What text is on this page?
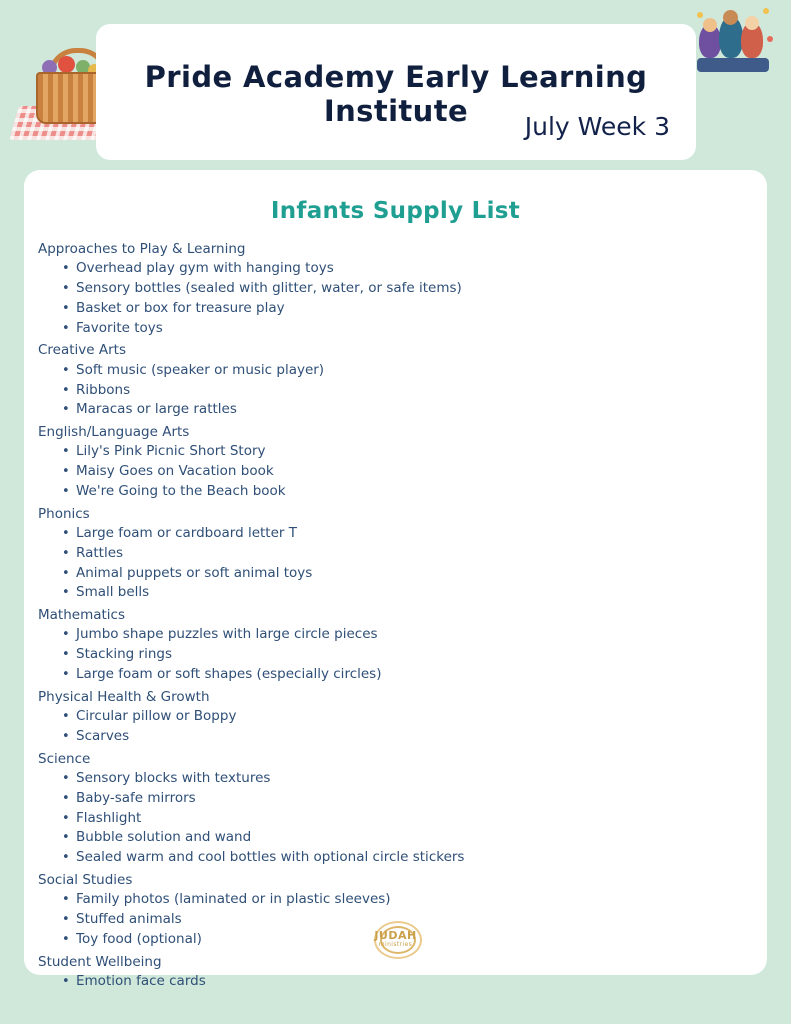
Pride Academy Early Learning Institute	July Week 3
Infants Supply List
Approaches to Play & Learning
• Overhead play gym with hanging toys
• Sensory bottles (sealed with glitter, water, or safe items)
• Basket or box for treasure play
• Favorite toys
Creative Arts
• Soft music (speaker or music player)
• Ribbons
• Maracas or large rattles
English/Language Arts
• Lily's Pink Picnic Short Story
• Maisy Goes on Vacation book
• We're Going to the Beach book
Phonics
• Large foam or cardboard letter T
• Rattles
• Animal puppets or soft animal toys
• Small bells
Mathematics
• Jumbo shape puzzles with large circle pieces
• Stacking rings
• Large foam or soft shapes (especially circles)
Physical Health & Growth
• Circular pillow or Boppy
• Scarves
Science
• Sensory blocks with textures
• Baby-safe mirrors
• Flashlight
• Bubble solution and wand
• Sealed warm and cool bottles with optional circle stickers
Social Studies
• Family photos (laminated or in plastic sleeves)
• Stuffed animals
• Toy food (optional)
Student Wellbeing
• Emotion face cards
JUDAH
ministries
